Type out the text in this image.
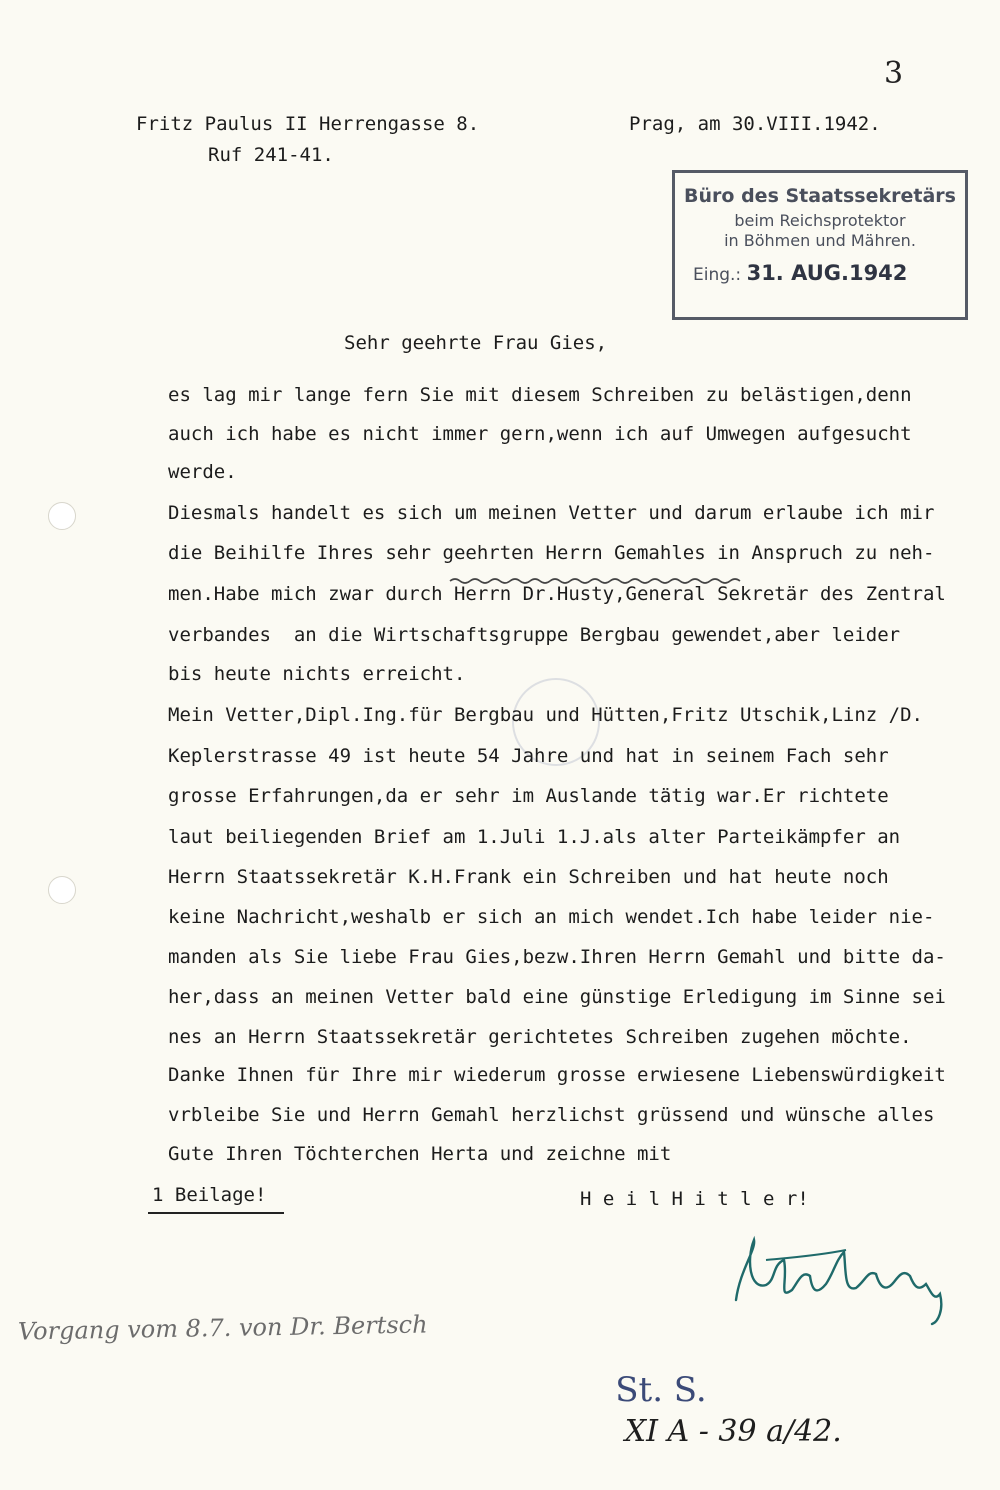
3
Fritz Paulus II Herrengasse 8.
Ruf 241-41.
Prag, am 30.VIII.1942.
Büro des Staatssekretärs
beim Reichsprotektor
in Böhmen und Mähren.
Eing.: 31. AUG.1942
Sehr geehrte Frau Gies,
es lag mir lange fern Sie mit diesem Schreiben zu belästigen,denn
auch ich habe es nicht immer gern,wenn ich auf Umwegen aufgesucht
werde.
Diesmals handelt es sich um meinen Vetter und darum erlaube ich mir
die Beihilfe Ihres sehr geehrten Herrn Gemahles in Anspruch zu neh-
men.Habe mich zwar durch Herrn Dr.Husty,General Sekretär des Zentral
verbandes  an die Wirtschaftsgruppe Bergbau gewendet,aber leider
bis heute nichts erreicht.
Mein Vetter,Dipl.Ing.für Bergbau und Hütten,Fritz Utschik,Linz /D.
Keplerstrasse 49 ist heute 54 Jahre und hat in seinem Fach sehr
grosse Erfahrungen,da er sehr im Auslande tätig war.Er richtete
laut beiliegenden Brief am 1.Juli 1.J.als alter Parteikämpfer an
Herrn Staatssekretär K.H.Frank ein Schreiben und hat heute noch
keine Nachricht,weshalb er sich an mich wendet.Ich habe leider nie-
manden als Sie liebe Frau Gies,bezw.Ihren Herrn Gemahl und bitte da-
her,dass an meinen Vetter bald eine günstige Erledigung im Sinne sei
nes an Herrn Staatssekretär gerichtetes Schreiben zugehen möchte.
Danke Ihnen für Ihre mir wiederum grosse erwiesene Liebenswürdigkeit
vrbleibe Sie und Herrn Gemahl herzlichst grüssend und wünsche alles
Gute Ihren Töchterchen Herta und zeichne mit
1 Beilage!	H e i l H i t l e r!
Vorgang vom 8.7. von Dr. Bertsch

St. S.
XI A - 39 a/42.
